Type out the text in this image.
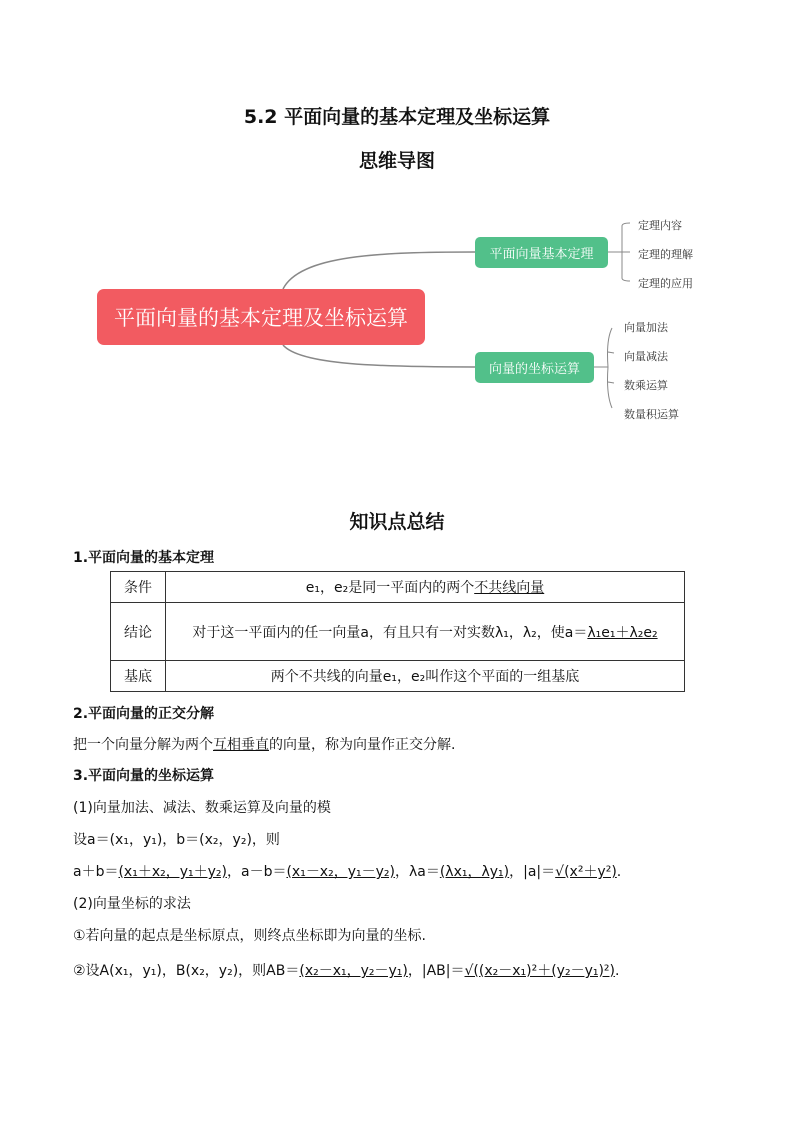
5.2 平面向量的基本定理及坐标运算
思维导图
平面向量的基本定理及坐标运算
平面向量基本定理
向量的坐标运算
定理内容
定理的理解
定理的应用
向量加法
向量减法
数乘运算
数量积运算
知识点总结
1.平面向量的基本定理
条件	e₁，e₂是同一平面内的两个不共线向量
结论	对于这一平面内的任一向量a，有且只有一对实数λ₁，λ₂，使a＝λ₁e₁＋λ₂e₂
基底	两个不共线的向量e₁，e₂叫作这个平面的一组基底
2.平面向量的正交分解
把一个向量分解为两个互相垂直的向量，称为向量作正交分解.
3.平面向量的坐标运算
(1)向量加法、减法、数乘运算及向量的模
设a＝(x₁，y₁)，b＝(x₂，y₂)，则
a＋b＝(x₁＋x₂，y₁＋y₂)，a－b＝(x₁－x₂，y₁－y₂)，λa＝(λx₁，λy₁)，|a|＝√(x²＋y²).
(2)向量坐标的求法
①若向量的起点是坐标原点，则终点坐标即为向量的坐标.
②设A(x₁，y₁)，B(x₂，y₂)，则AB＝(x₂－x₁，y₂－y₁)，|AB|＝√((x₂－x₁)²＋(y₂－y₁)²).
